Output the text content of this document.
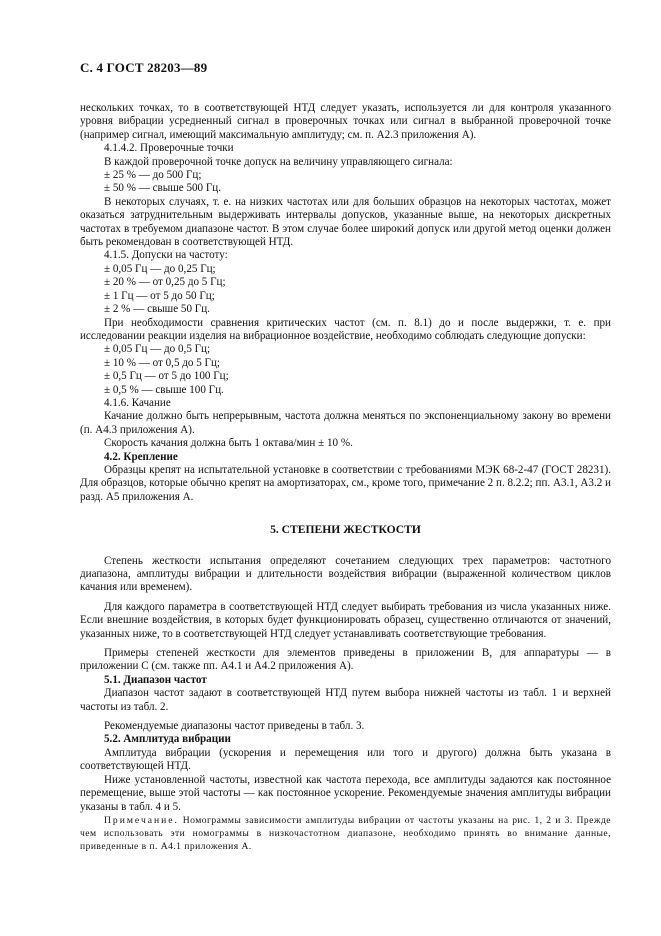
С. 4 ГОСТ 28203—89

нескольких точках, то в соответствующей НТД следует указать, используется ли для контроля указанного уровня вибрации усредненный сигнал в проверочных точках или сигнал в выбранной проверочной точке (например сигнал, имеющий максимальную амплитуду; см. п. А2.3 приложения А).

4.1.4.2. Проверочные точки

В каждой проверочной точке допуск на величину управляющего сигнала:

± 25 % — до 500 Гц;

± 50 % — свыше 500 Гц.

В некоторых случаях, т. е. на низких частотах или для больших образцов на некоторых частотах, может оказаться затруднительным выдерживать интервалы допусков, указанные выше, на некоторых дискретных частотах в требуемом диапазоне частот. В этом случае более широкий допуск или другой метод оценки должен быть рекомендован в соответствующей НТД.

4.1.5. Допуски на частоту:

± 0,05 Гц — до 0,25 Гц;

± 20 % — от 0,25 до 5 Гц;

± 1 Гц — от 5 до 50 Гц;

± 2 % — свыше 50 Гц.

При необходимости сравнения критических частот (см. п. 8.1) до и после выдержки, т. е. при исследовании реакции изделия на вибрационное воздействие, необходимо соблюдать следующие допуски:

± 0,05 Гц — до 0,5 Гц;

± 10 % — от 0,5 до 5 Гц;

± 0,5 Гц — от 5 до 100 Гц;

± 0,5 % — свыше 100 Гц.

4.1.6. Качание

Качание должно быть непрерывным, частота должна меняться по экспоненциальному закону во времени (п. А4.3 приложения А).

Скорость качания должна быть 1 октава/мин ± 10 %.

4.2. Крепление

Образцы крепят на испытательной установке в соответствии с требованиями МЭК 68-2-47 (ГОСТ 28231). Для образцов, которые обычно крепят на амортизаторах, см., кроме того, примечание 2 п. 8.2.2; пп. А3.1, А3.2 и разд. А5 приложения А.

5. СТЕПЕНИ ЖЕСТКОСТИ

Степень жесткости испытания определяют сочетанием следующих трех параметров: частотного диапазона, амплитуды вибрации и длительности воздействия вибрации (выраженной количеством циклов качания или временем).

Для каждого параметра в соответствующей НТД следует выбирать требования из числа указанных ниже. Если внешние воздействия, в которых будет функционировать образец, существенно отличаются от значений, указанных ниже, то в соответствующей НТД следует устанавливать соответствующие требования.

Примеры степеней жесткости для элементов приведены в приложении В, для аппаратуры — в приложении С (см. также пп. А4.1 и А4.2 приложения А).

5.1. Диапазон частот

Диапазон частот задают в соответствующей НТД путем выбора нижней частоты из табл. 1 и верхней частоты из табл. 2.

Рекомендуемые диапазоны частот приведены в табл. 3.

5.2. Амплитуда вибрации

Амплитуда вибрации (ускорения и перемещения или того и другого) должна быть указана в соответствующей НТД.

Ниже установленной частоты, известной как частота перехода, все амплитуды задаются как постоянное перемещение, выше этой частоты — как постоянное ускорение. Рекомендуемые значения амплитуды вибрации указаны в табл. 4 и 5.

Примечание. Номограммы зависимости амплитуды вибрации от частоты указаны на рис. 1, 2 и 3. Прежде чем использовать эти номограммы в низкочастотном диапазоне, необходимо принять во внимание данные, приведенные в п. А4.1 приложения А.
